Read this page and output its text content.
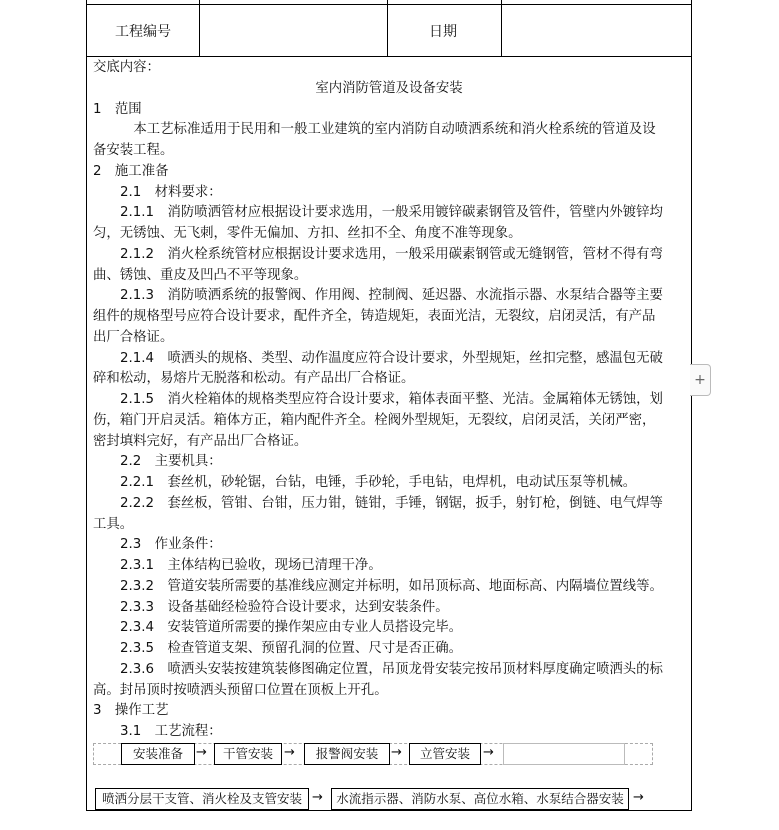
工程编号	日期

交底内容：

室内消防管道及设备安装

1　范围

　本工艺标准适用于民用和一般工业建筑的室内消防自动喷洒系统和消火栓系统的管道及设

备安装工程。

2　施工准备

2.1　材料要求：

2.1.1　消防喷洒管材应根据设计要求选用，一般采用镀锌碳素钢管及管件，管壁内外镀锌均

匀，无锈蚀、无飞刺，零件无偏加、方扣、丝扣不全、角度不准等现象。

2.1.2　消火栓系统管材应根据设计要求选用，一般采用碳素钢管或无缝钢管，管材不得有弯

曲、锈蚀、重皮及凹凸不平等现象。

2.1.3　消防喷洒系统的报警阀、作用阀、控制阀、延迟器、水流指示器、水泵结合器等主要

组件的规格型号应符合设计要求，配件齐全，铸造规矩，表面光洁，无裂纹，启闭灵活，有产品

出厂合格证。

2.1.4　喷洒头的规格、类型、动作温度应符合设计要求，外型规矩，丝扣完整，感温包无破

碎和松动，易熔片无脱落和松动。有产品出厂合格证。

2.1.5　消火栓箱体的规格类型应符合设计要求，箱体表面平整、光洁。金属箱体无锈蚀，划

伤，箱门开启灵活。箱体方正，箱内配件齐全。栓阀外型规矩，无裂纹，启闭灵活，关闭严密，

密封填料完好，有产品出厂合格证。

2.2　主要机具：

2.2.1　套丝机，砂轮锯，台钻，电锤，手砂轮，手电钻，电焊机，电动试压泵等机械。

2.2.2　套丝板，管钳、台钳，压力钳，链钳，手锤，钢锯，扳手，射钉枪，倒链、电气焊等

工具。

2.3　作业条件：

2.3.1　主体结构已验收，现场已清理干净。

2.3.2　管道安装所需要的基准线应测定并标明，如吊顶标高、地面标高、内隔墙位置线等。

2.3.3　设备基础经检验符合设计要求，达到安装条件。

2.3.4　安装管道所需要的操作架应由专业人员搭设完毕。

2.3.5　检查管道支架、预留孔洞的位置、尺寸是否正确。

2.3.6　喷洒头安装按建筑装修图确定位置，吊顶龙骨安装完按吊顶材料厚度确定喷洒头的标

高。封吊顶时按喷洒头预留口位置在顶板上开孔。

3　操作工艺

3.1　工艺流程：

安装准备	→	干管安装 →	报警阀安装 →	立管安装	→
喷洒分层干支管、消火栓及支管安装 →	水流指示器、消防水泵、高位水箱、水泵结合器安装 →
+
